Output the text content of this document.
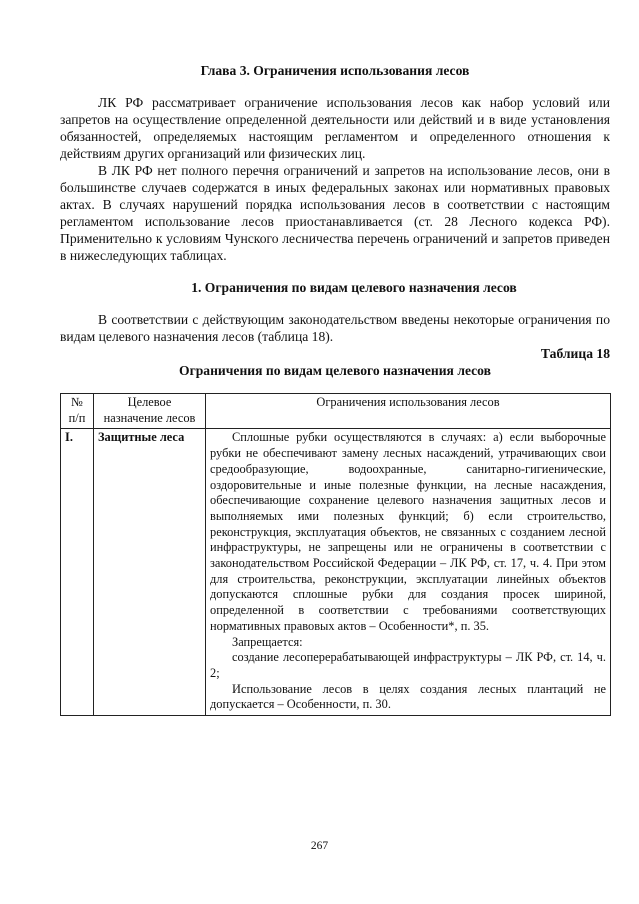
Глава 3. Ограничения использования лесов

ЛК РФ рассматривает ограничение использования лесов как набор условий или запретов на осуществление определенной деятельности или действий и в виде установления обязанностей, определяемых настоящим регламентом и определенного отношения к действиям других организаций или физических лиц.

В ЛК РФ нет полного перечня ограничений и запретов на использование лесов, они в большинстве случаев содержатся в иных федеральных законах или нормативных правовых актах. В случаях нарушений порядка использования лесов в соответствии с настоящим регламентом использование лесов приостанавливается (ст. 28 Лесного кодекса РФ). Применительно к условиям Чунского лесничества перечень ограничений и запретов приведен в нижеследующих таблицах.

1. Ограничения по видам целевого назначения лесов

В соответствии с действующим законодательством введены некоторые ограничения по видам целевого назначения лесов (таблица 18).

Таблица 18

Ограничения по видам целевого назначения лесов

№ п/п	Целевое назначение лесов	Ограничения использования лесов
I.	Защитные леса	Сплошные рубки осуществляются в случаях: а) если выборочные рубки не обеспечивают замену лесных насаждений, утрачивающих свои средообразующие, водоохранные, санитарно-гигиенические, оздоровительные и иные полезные функции, на лесные насаждения, обеспечивающие сохранение целевого назначения защитных лесов и выполняемых ими полезных функций; б) если строительство, реконструкция, эксплуатация объектов, не связанных с созданием лесной инфраструктуры, не запрещены или не ограничены в соответствии с законодательством Российской Федерации – ЛК РФ, ст. 17, ч. 4. При этом для строительства, реконструкции, эксплуатации линейных объектов допускаются сплошные рубки для создания просек шириной, определенной в соответствии с требованиями соответствующих нормативных правовых актов – Особенности*, п. 35.

Запрещается:

создание лесоперерабатывающей инфраструктуры – ЛК РФ, ст. 14, ч. 2;

Использование лесов в целях создания лесных плантаций не допускается – Особенности, п. 30.

267
